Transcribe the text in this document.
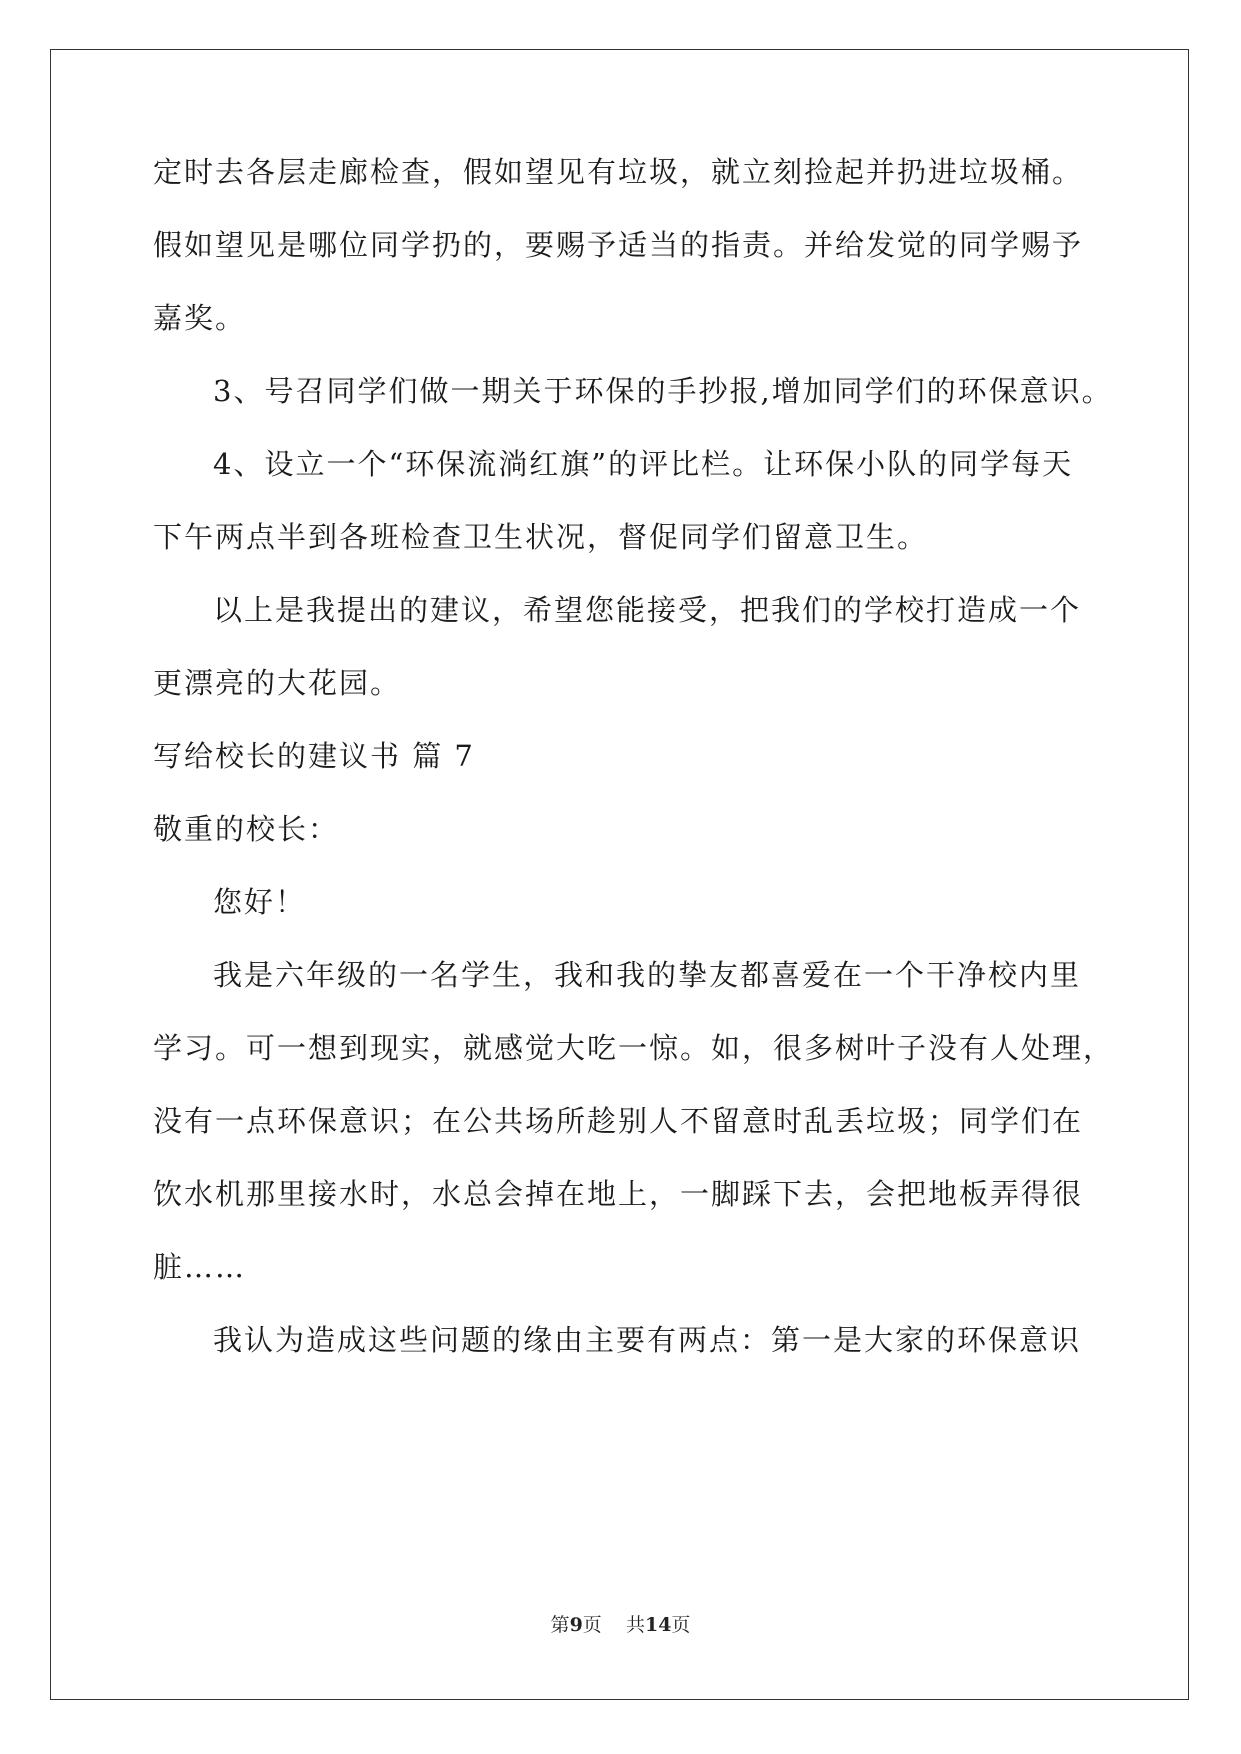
定时去各层走廊检查，假如望见有垃圾，就立刻捡起并扔进垃圾桶。
假如望见是哪位同学扔的，要赐予适当的指责。并给发觉的同学赐予
嘉奖。
3、号召同学们做一期关于环保的手抄报,增加同学们的环保意识。
4、设立一个“环保流淌红旗”的评比栏。让环保小队的同学每天
下午两点半到各班检查卫生状况，督促同学们留意卫生。
以上是我提出的建议，希望您能接受，把我们的学校打造成一个
更漂亮的大花园。
写给校长的建议书 篇 7
敬重的校长：
您好！
我是六年级的一名学生，我和我的挚友都喜爱在一个干净校内里
学习。可一想到现实，就感觉大吃一惊。如，很多树叶子没有人处理，
没有一点环保意识；在公共场所趁别人不留意时乱丢垃圾；同学们在
饮水机那里接水时，水总会掉在地上，一脚踩下去，会把地板弄得很
脏……
我认为造成这些问题的缘由主要有两点：第一是大家的环保意识
第9页    共14页
